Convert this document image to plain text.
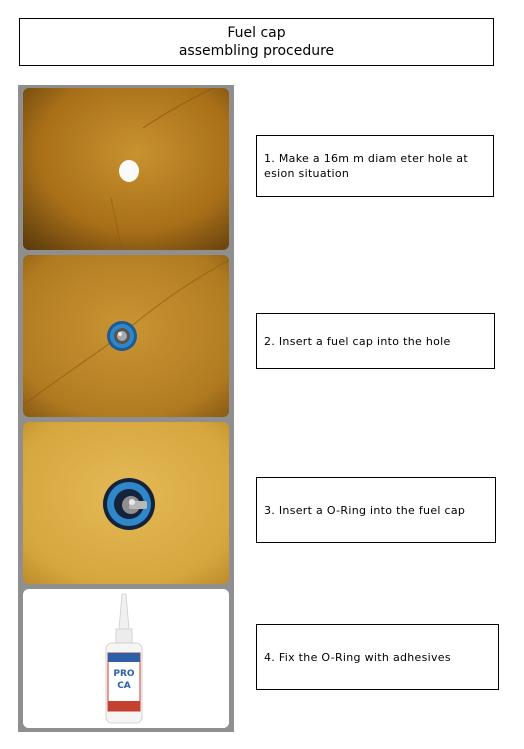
Fuel cap
assembling procedure
PRO
CA
1. Make a 16m m diam eter hole at
esion situation
2. Insert a fuel cap into the hole
3. Insert a O-Ring into the fuel cap
4. Fix the O-Ring with adhesives
